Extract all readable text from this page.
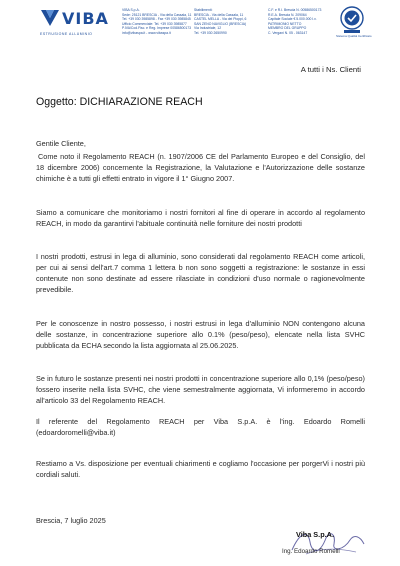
VIBA
ESTRUSIONE ALLUMINIO
VIBA S.p.A.
Sede: 25121 BRESCIA - Via della Cassala, 11
Tel. +39 030 3985898 - Fax +39 030 3985845
Ufficio Commerciale: Tel. +39 030 3985877
P.IVA/Cod.Fisc. e Reg. Imprese 00586500173
info@vibaspa.it - www.vibaspa.it
Stabilimenti:
BRESCIA - Via della Cassala, 11
CASTEL MELLA - Via dei Pioppi, 6
SAN ZENO NAVIGLIO (BRESCIA)
Via Industriale, 12
Tel. +39 030 2650990
C.F. e R.I. Brescia N. 00586500173
R.E.A. Brescia N. 209064
Capitale Sociale € 5.000.000 I.v.
PATRIMONIO NETTO
MEMBRO DEL GRUPPO
C. Vergani N. 05 - 063147
Sistema Qualità Certificato
A tutti i Ns. Clienti
Oggetto: DICHIARAZIONE REACH
Gentile Cliente,

Come noto il Regolamento REACH (n. 1907/2006 CE del Parlamento Europeo e del Consiglio, del 18 dicembre 2006) concernente la Registrazione, la Valutazione e l'Autorizzazione delle sostanze chimiche è a tutti gli effetti entrato in vigore il 1° Giugno 2007.

Siamo a comunicare che monitoriamo i nostri fornitori al fine di operare in accordo al regolamento REACH, in modo da garantirvi l'abituale continuità nelle forniture dei nostri prodotti

I nostri prodotti, estrusi in lega di alluminio, sono considerati dal regolamento REACH come articoli, per cui ai sensi dell'art.7 comma 1 lettera b non sono soggetti a registrazione: le sostanze in essi contenute non sono destinate ad essere rilasciate in condizioni d'uso normale o ragionevolmente prevedibile.

Per le conoscenze in nostro possesso, i nostri estrusi in lega d'alluminio NON contengono alcuna delle sostanze, in concentrazione superiore allo 0.1% (peso/peso), elencate nella lista SVHC pubblicata da ECHA secondo la lista aggiornata al 25.06.2025.

Se in futuro le sostanze presenti nei nostri prodotti in concentrazione superiore allo 0,1% (peso/peso) fossero inserite nella lista SVHC, che viene semestralmente aggiornata, Vi informeremo in accordo all'articolo 33 del Regolamento REACH.

Il referente del Regolamento REACH per Viba S.p.A. è l'ing. Edoardo Romelli (edoardoromelli@viba.it)

Restiamo a Vs. disposizione per eventuali chiarimenti e cogliamo l'occasione per porgerVi i nostri più cordiali saluti.

Brescia, 7 luglio 2025
Viba S.p.A.
Ing. Edoardo Romelli
